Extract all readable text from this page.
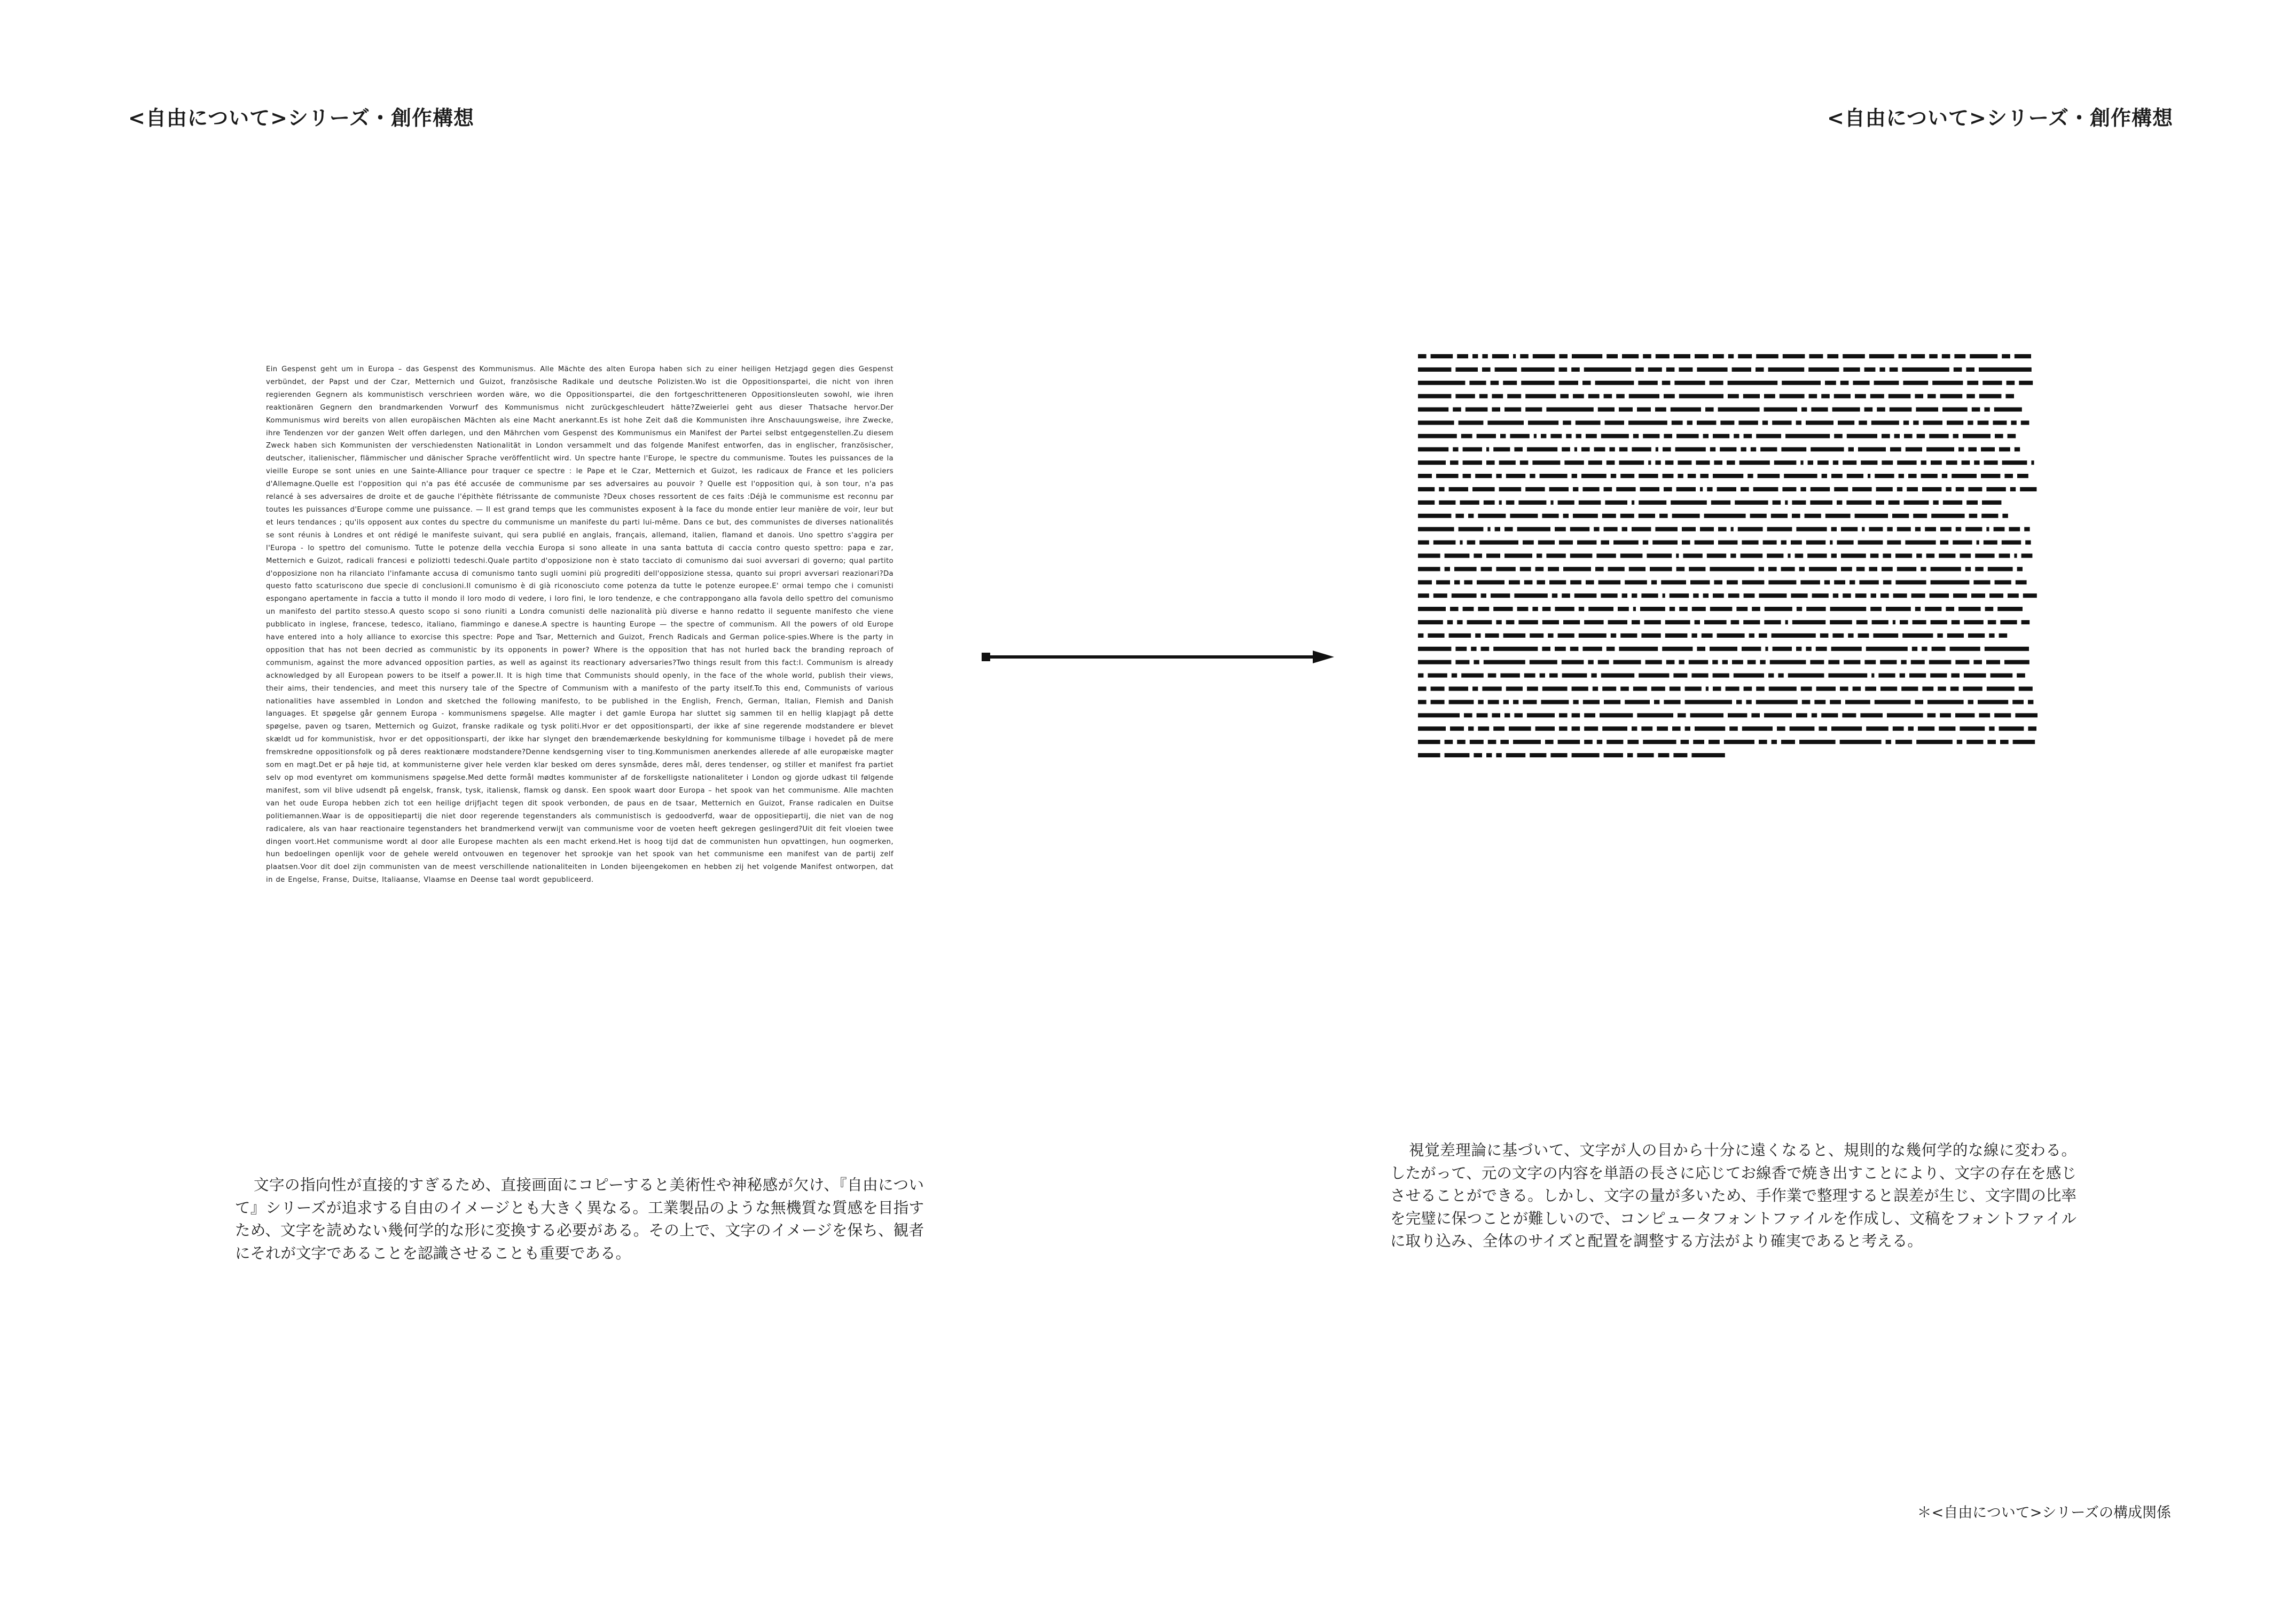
<自由について>シリーズ・創作構想	<自由について>シリーズ・創作構想
Ein Gespenst geht um in Europa – das Gespenst des Kommunismus. Alle Mächte des alten Europa haben sich zu einer heiligen Hetzjagd gegen dies Gespenst verbündet, der Papst und der Czar, Metternich und Guizot, französische Radikale und deutsche Polizisten.Wo ist die Oppositionspartei, die nicht von ihren regierenden Gegnern als kommunistisch verschrieen worden wäre, wo die Oppositionspartei, die den fortgeschritteneren Oppositionsleuten sowohl, wie ihren reaktionären Gegnern den brandmarkenden Vorwurf des Kommunismus nicht zurückgeschleudert hätte?Zweierlei geht aus dieser Thatsache hervor.Der Kommunismus wird bereits von allen europäischen Mächten als eine Macht anerkannt.Es ist hohe Zeit daß die Kommunisten ihre Anschauungsweise, ihre Zwecke, ihre Tendenzen vor der ganzen Welt offen darlegen, und den Mährchen vom Gespenst des Kommunismus ein Manifest der Partei selbst entgegenstellen.Zu diesem Zweck haben sich Kommunisten der verschiedensten Nationalität in London versammelt und das folgende Manifest entworfen, das in englischer, französischer, deutscher, italienischer, flämmischer und dänischer Sprache veröffentlicht wird. Un spectre hante l'Europe, le spectre du communisme. Toutes les puissances de la vieille Europe se sont unies en une Sainte-Alliance pour traquer ce spectre : le Pape et le Czar, Metternich et Guizot, les radicaux de France et les policiers d'Allemagne.Quelle est l'opposition qui n'a pas été accusée de communisme par ses adversaires au pouvoir ? Quelle est l'opposition qui, à son tour, n'a pas relancé à ses adversaires de droite et de gauche l'épithète flétrissante de communiste ?Deux choses ressortent de ces faits :Déjà le communisme est reconnu par toutes les puissances d'Europe comme une puissance. — Il est grand temps que les communistes exposent à la face du monde entier leur manière de voir, leur but et leurs tendances ; qu'ils opposent aux contes du spectre du communisme un manifeste du parti lui-même. Dans ce but, des communistes de diverses nationalités se sont réunis à Londres et ont rédigé le manifeste suivant, qui sera publié en anglais, français, allemand, italien, flamand et danois. Uno spettro s'aggira per l'Europa - lo spettro del comunismo. Tutte le potenze della vecchia Europa si sono alleate in una santa battuta di caccia contro questo spettro: papa e zar, Metternich e Guizot, radicali francesi e poliziotti tedeschi.Quale partito d'opposizione non è stato tacciato di comunismo dai suoi avversari di governo; qual partito d'opposizione non ha rilanciato l'infamante accusa di comunismo tanto sugli uomini più progrediti dell'opposizione stessa, quanto sui propri avversari reazionari?Da questo fatto scaturiscono due specie di conclusioni.Il comunismo è di già riconosciuto come potenza da tutte le potenze europee.E' ormai tempo che i comunisti espongano apertamente in faccia a tutto il mondo il loro modo di vedere, i loro fini, le loro tendenze, e che contrappongano alla favola dello spettro del comunismo un manifesto del partito stesso.A questo scopo si sono riuniti a Londra comunisti delle nazionalità più diverse e hanno redatto il seguente manifesto che viene pubblicato in inglese, francese, tedesco, italiano, fiammingo e danese.A spectre is haunting Europe — the spectre of communism. All the powers of old Europe have entered into a holy alliance to exorcise this spectre: Pope and Tsar, Metternich and Guizot, French Radicals and German police-spies.Where is the party in opposition that has not been decried as communistic by its opponents in power? Where is the opposition that has not hurled back the branding reproach of communism, against the more advanced opposition parties, as well as against its reactionary adversaries?Two things result from this fact:I. Communism is already acknowledged by all European powers to be itself a power.II. It is high time that Communists should openly, in the face of the whole world, publish their views, their aims, their tendencies, and meet this nursery tale of the Spectre of Communism with a manifesto of the party itself.To this end, Communists of various nationalities have assembled in London and sketched the following manifesto, to be published in the English, French, German, Italian, Flemish and Danish languages. Et spøgelse går gennem Europa - kommunismens spøgelse. Alle magter i det gamle Europa har sluttet sig sammen til en hellig klapjagt på dette spøgelse, paven og tsaren, Metternich og Guizot, franske radikale og tysk politi.Hvor er det oppositionsparti, der ikke af sine regerende modstandere er blevet skældt ud for kommunistisk, hvor er det oppositionsparti, der ikke har slynget den brændemærkende beskyldning for kommunisme tilbage i hovedet på de mere fremskredne oppositionsfolk og på deres reaktionære modstandere?Denne kendsgerning viser to ting.Kommunismen anerkendes allerede af alle europæiske magter som en magt.Det er på høje tid, at kommunisterne giver hele verden klar besked om deres synsmåde, deres mål, deres tendenser, og stiller et manifest fra partiet selv op mod eventyret om kommunismens spøgelse.Med dette formål mødtes kommunister af de forskelligste nationaliteter i London og gjorde udkast til følgende manifest, som vil blive udsendt på engelsk, fransk, tysk, italiensk, flamsk og dansk. Een spook waart door Europa – het spook van het communisme. Alle machten van het oude Europa hebben zich tot een heilige drijfjacht tegen dit spook verbonden, de paus en de tsaar, Metternich en Guizot, Franse radicalen en Duitse politiemannen.Waar is de oppositiepartij die niet door regerende tegenstanders als communistisch is gedoodverfd, waar de oppositiepartij, die niet van de nog radicalere, als van haar reactionaire tegenstanders het brandmerkend verwijt van communisme voor de voeten heeft gekregen geslingerd?Uit dit feit vloeien twee dingen voort.Het communisme wordt al door alle Europese machten als een macht erkend.Het is hoog tijd dat de communisten hun opvattingen, hun oogmerken, hun bedoelingen openlijk voor de gehele wereld ontvouwen en tegenover het sprookje van het spook van het communisme een manifest van de partij zelf plaatsen.Voor dit doel zijn communisten van de meest verschillende nationaliteiten in Londen bijeengekomen en hebben zij het volgende Manifest ontworpen, dat in de Engelse, Franse, Duitse, Italiaanse, Vlaamse en Deense taal wordt gepubliceerd.
文字の指向性が直接的すぎるため、直接画面にコピーすると美術性や神秘感が欠け、『自由について』シリーズが追求する自由のイメージとも大きく異なる。工業製品のような無機質な質感を目指すため、文字を読めない幾何学的な形に変換する必要がある。その上で、文字のイメージを保ち、観者にそれが文字であることを認識させることも重要である。
視覚差理論に基づいて、文字が人の目から十分に遠くなると、規則的な幾何学的な線に変わる。したがって、元の文字の内容を単語の長さに応じてお線香で焼き出すことにより、文字の存在を感じさせることができる。しかし、文字の量が多いため、手作業で整理すると誤差が生じ、文字間の比率を完璧に保つことが難しいので、コンピュータフォントファイルを作成し、文稿をフォントファイルに取り込み、全体のサイズと配置を調整する方法がより確実であると考える。
＊<自由について>シリーズの構成関係
